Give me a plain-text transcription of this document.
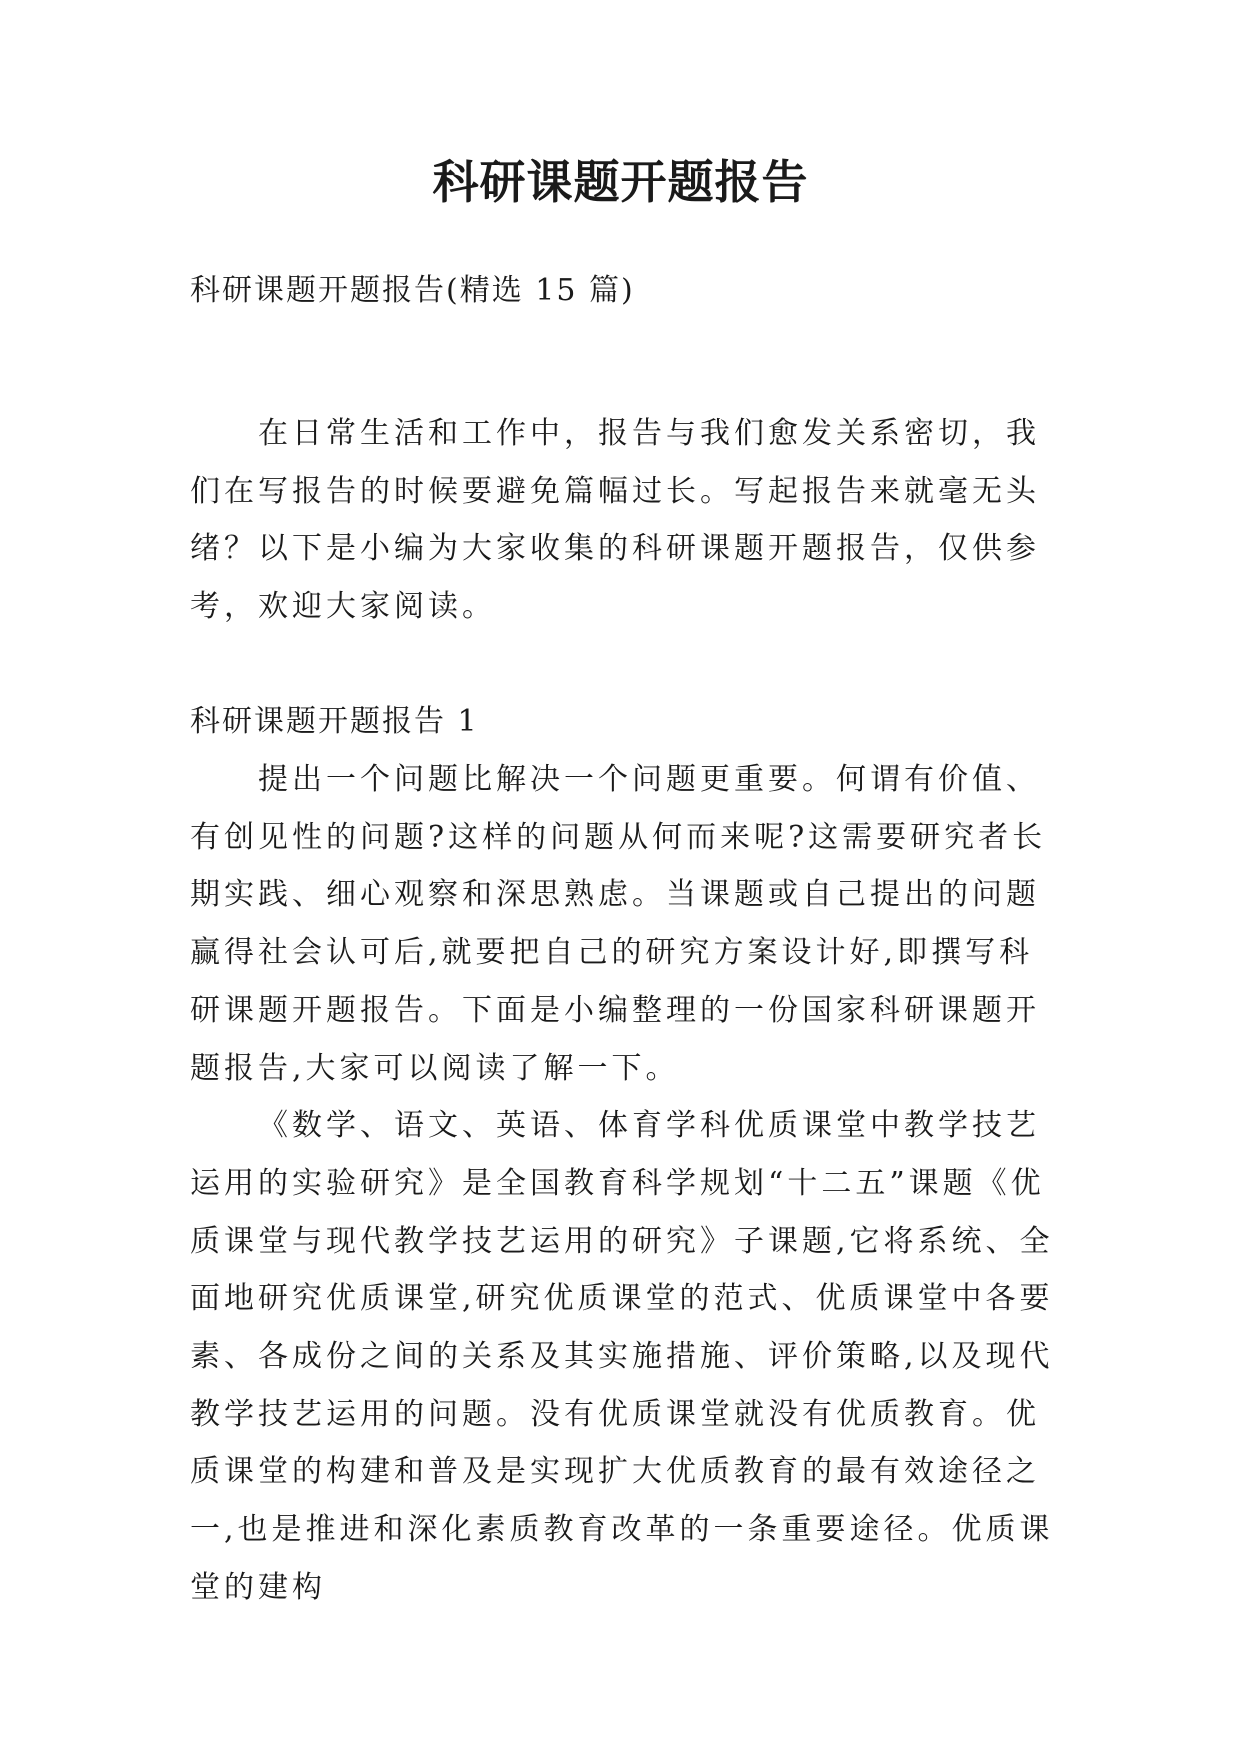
科研课题开题报告

科研课题开题报告(精选 15 篇)

在日常生活和工作中，报告与我们愈发关系密切，我们在写报告的时候要避免篇幅过长。写起报告来就毫无头绪？以下是小编为大家收集的科研课题开题报告，仅供参考，欢迎大家阅读。

科研课题开题报告 1

提出一个问题比解决一个问题更重要。何谓有价值、有创见性的问题?这样的问题从何而来呢?这需要研究者长期实践、细心观察和深思熟虑。当课题或自己提出的问题赢得社会认可后,就要把自己的研究方案设计好,即撰写科研课题开题报告。下面是小编整理的一份国家科研课题开题报告,大家可以阅读了解一下。

《数学、语文、英语、体育学科优质课堂中教学技艺运用的实验研究》是全国教育科学规划“十二五”课题《优质课堂与现代教学技艺运用的研究》子课题,它将系统、全面地研究优质课堂,研究优质课堂的范式、优质课堂中各要素、各成份之间的关系及其实施措施、评价策略,以及现代教学技艺运用的问题。没有优质课堂就没有优质教育。优质课堂的构建和普及是实现扩大优质教育的最有效途径之一,也是推进和深化素质教育改革的一条重要途径。优质课堂的建构
